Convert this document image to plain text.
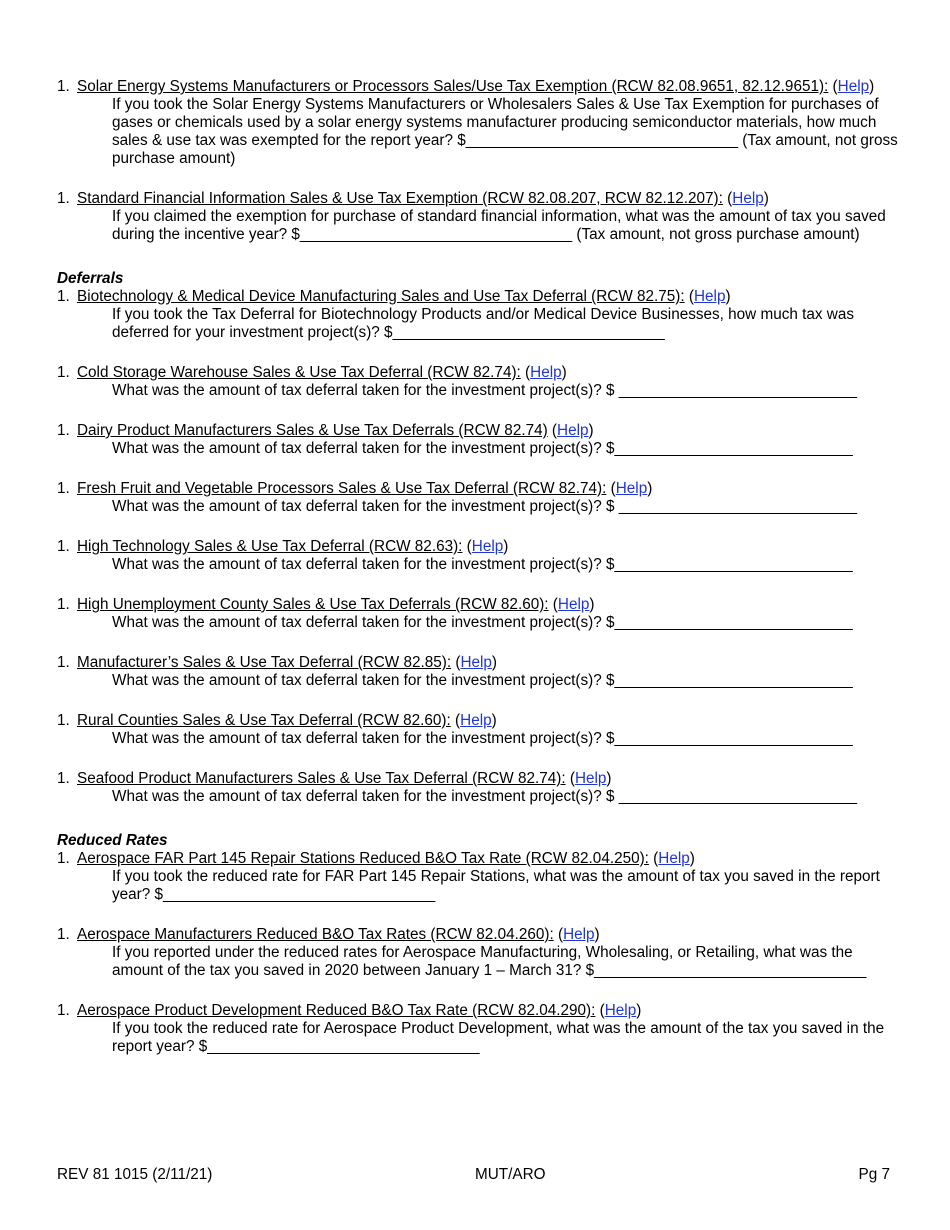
1. Solar Energy Systems Manufacturers or Processors Sales/Use Tax Exemption (RCW 82.08.9651, 82.12.9651): (Help)
If you took the Solar Energy Systems Manufacturers or Wholesalers Sales & Use Tax Exemption for purchases of gases or chemicals used by a solar energy systems manufacturer producing semiconductor materials, how much sales & use tax was exempted for the report year? $________________________________ (Tax amount, not gross purchase amount)
1. Standard Financial Information Sales & Use Tax Exemption (RCW 82.08.207, RCW 82.12.207): (Help)
If you claimed the exemption for purchase of standard financial information, what was the amount of tax you saved during the incentive year? $________________________________ (Tax amount, not gross purchase amount)
Deferrals
1. Biotechnology & Medical Device Manufacturing Sales and Use Tax Deferral (RCW 82.75): (Help)
If you took the Tax Deferral for Biotechnology Products and/or Medical Device Businesses, how much tax was deferred for your investment project(s)? $________________________________
1. Cold Storage Warehouse Sales & Use Tax Deferral (RCW 82.74): (Help)
What was the amount of tax deferral taken for the investment project(s)? $ ____________________________
1. Dairy Product Manufacturers Sales & Use Tax Deferrals (RCW 82.74) (Help)
What was the amount of tax deferral taken for the investment project(s)? $____________________________
1. Fresh Fruit and Vegetable Processors Sales & Use Tax Deferral (RCW 82.74): (Help)
What was the amount of tax deferral taken for the investment project(s)? $ ____________________________
1. High Technology Sales & Use Tax Deferral (RCW 82.63): (Help)
What was the amount of tax deferral taken for the investment project(s)? $____________________________
1. High Unemployment County Sales & Use Tax Deferrals (RCW 82.60): (Help)
What was the amount of tax deferral taken for the investment project(s)? $____________________________
1. Manufacturer’s Sales & Use Tax Deferral (RCW 82.85): (Help)
What was the amount of tax deferral taken for the investment project(s)? $____________________________
1. Rural Counties Sales & Use Tax Deferral (RCW 82.60): (Help)
What was the amount of tax deferral taken for the investment project(s)? $____________________________
1. Seafood Product Manufacturers Sales & Use Tax Deferral (RCW 82.74): (Help)
What was the amount of tax deferral taken for the investment project(s)? $ ____________________________
Reduced Rates
1. Aerospace FAR Part 145 Repair Stations Reduced B&O Tax Rate (RCW 82.04.250): (Help)
If you took the reduced rate for FAR Part 145 Repair Stations, what was the amount of tax you saved in the report year? $________________________________
1. Aerospace Manufacturers Reduced B&O Tax Rates (RCW 82.04.260): (Help)
If you reported under the reduced rates for Aerospace Manufacturing, Wholesaling, or Retailing, what was the amount of the tax you saved in 2020 between January 1 – March 31? $________________________________
1. Aerospace Product Development Reduced B&O Tax Rate (RCW 82.04.290): (Help)
If you took the reduced rate for Aerospace Product Development, what was the amount of the tax you saved in the report year? $________________________________
REV 81 1015 (2/11/21)	MUT/ARO	Pg 7
